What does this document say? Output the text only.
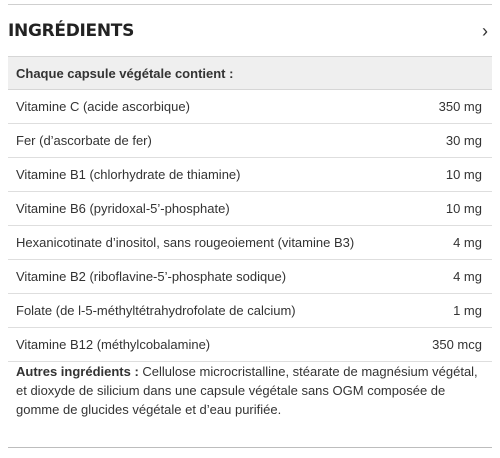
INGRÉDIENTS	›
Chaque capsule végétale contient :
Vitamine C (acide ascorbique)	350 mg
Fer (d’ascorbate de fer)	30 mg
Vitamine B1 (chlorhydrate de thiamine)	10 mg
Vitamine B6 (pyridoxal-5’-phosphate)	10 mg
Hexanicotinate d’inositol, sans rougeoiement (vitamine B3)	4 mg
Vitamine B2 (riboflavine-5’-phosphate sodique)	4 mg
Folate (de l-5-méthyltétrahydrofolate de calcium)	1 mg
Vitamine B12 (méthylcobalamine)	350 mcg
Autres ingrédients : Cellulose microcristalline, stéarate de magnésium végétal, et dioxyde de silicium dans une capsule végétale sans OGM composée de gomme de glucides végétale et d’eau purifiée.
